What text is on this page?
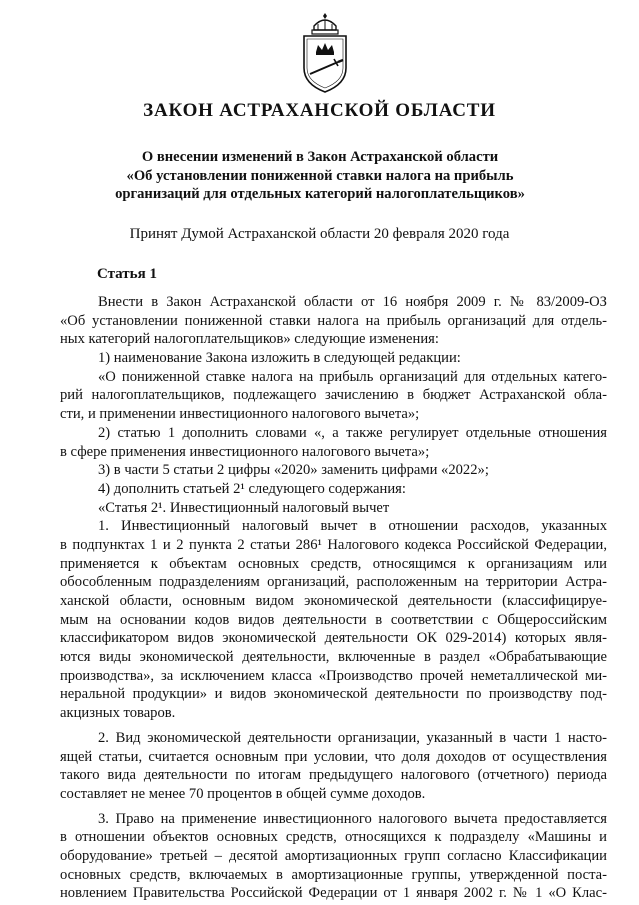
ЗАКОН АСТРАХАНСКОЙ ОБЛАСТИ
О внесении изменений в Закон Астраханской области
«Об установлении пониженной ставки налога на прибыль
организаций для отдельных категорий налогоплательщиков»
Принят Думой Астраханской области 20 февраля 2020 года
Статья 1
Внести в Закон Астраханской области от 16 ноября 2009 г. № 83/2009-ОЗ
«Об установлении пониженной ставки налога на прибыль организаций для отдель-
ных категорий налогоплательщиков» следующие изменения:
1) наименование Закона изложить в следующей редакции:
«О пониженной ставке налога на прибыль организаций для отдельных катего-
рий налогоплательщиков, подлежащего зачислению в бюджет Астраханской обла-
сти, и применении инвестиционного налогового вычета»;
2) статью 1 дополнить словами «, а также регулирует отдельные отношения
в сфере применения инвестиционного налогового вычета»;
3) в части 5 статьи 2 цифры «2020» заменить цифрами «2022»;
4) дополнить статьей 2¹ следующего содержания:
«Статья 2¹. Инвестиционный налоговый вычет
1. Инвестиционный налоговый вычет в отношении расходов, указанных
в подпунктах 1 и 2 пункта 2 статьи 286¹ Налогового кодекса Российской Федерации,
применяется к объектам основных средств, относящимся к организациям или
обособленным подразделениям организаций, расположенным на территории Астра-
ханской области, основным видом экономической деятельности (классифицируе-
мым на основании кодов видов деятельности в соответствии с Общероссийским
классификатором видов экономической деятельности ОК 029-2014) которых явля-
ются виды экономической деятельности, включенные в раздел «Обрабатывающие
производства», за исключением класса «Производство прочей неметаллической ми-
неральной продукции» и видов экономической деятельности по производству под-
акцизных товаров.
2. Вид экономической деятельности организации, указанный в части 1 насто-
ящей статьи, считается основным при условии, что доля доходов от осуществления
такого вида деятельности по итогам предыдущего налогового (отчетного) периода
составляет не менее 70 процентов в общей сумме доходов.
3. Право на применение инвестиционного налогового вычета предоставляется
в отношении объектов основных средств, относящихся к подразделу «Машины и
оборудование» третьей – десятой амортизационных групп согласно Классификации
основных средств, включаемых в амортизационные группы, утвержденной поста-
новлением Правительства Российской Федерации от 1 января 2002 г. № 1 «О Клас-
